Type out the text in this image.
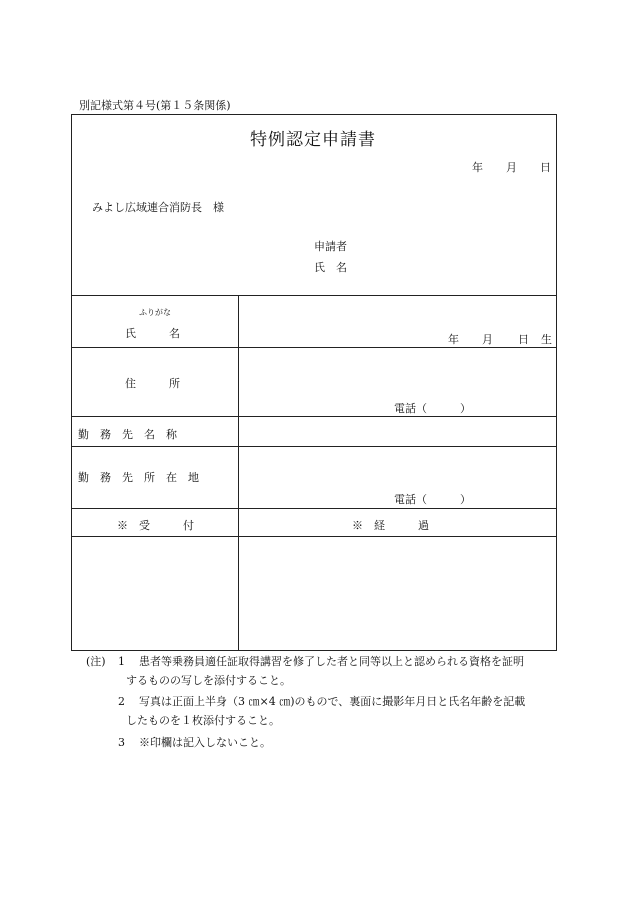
別記様式第４号(第１５条関係)
特例認定申請書
年 月 日
みよし広域連合消防長　様
申請者
氏　名
ふりがな
氏　　　名	年 月 日 生
住　　　所
電話（　　　）
勤　務　先　名　称
勤　務　先　所　在　地
電話（　　　）
※　受　　　付	※　経　　　過
(注) 1 患者等乗務員適任証取得講習を修了した者と同等以上と認められる資格を証明
するものの写しを添付すること。
2 写真は正面上半身（3 ㎝×4 ㎝)のもので、裏面に撮影年月日と氏名年齢を記載
したものを１枚添付すること。
3 ※印欄は記入しないこと。
